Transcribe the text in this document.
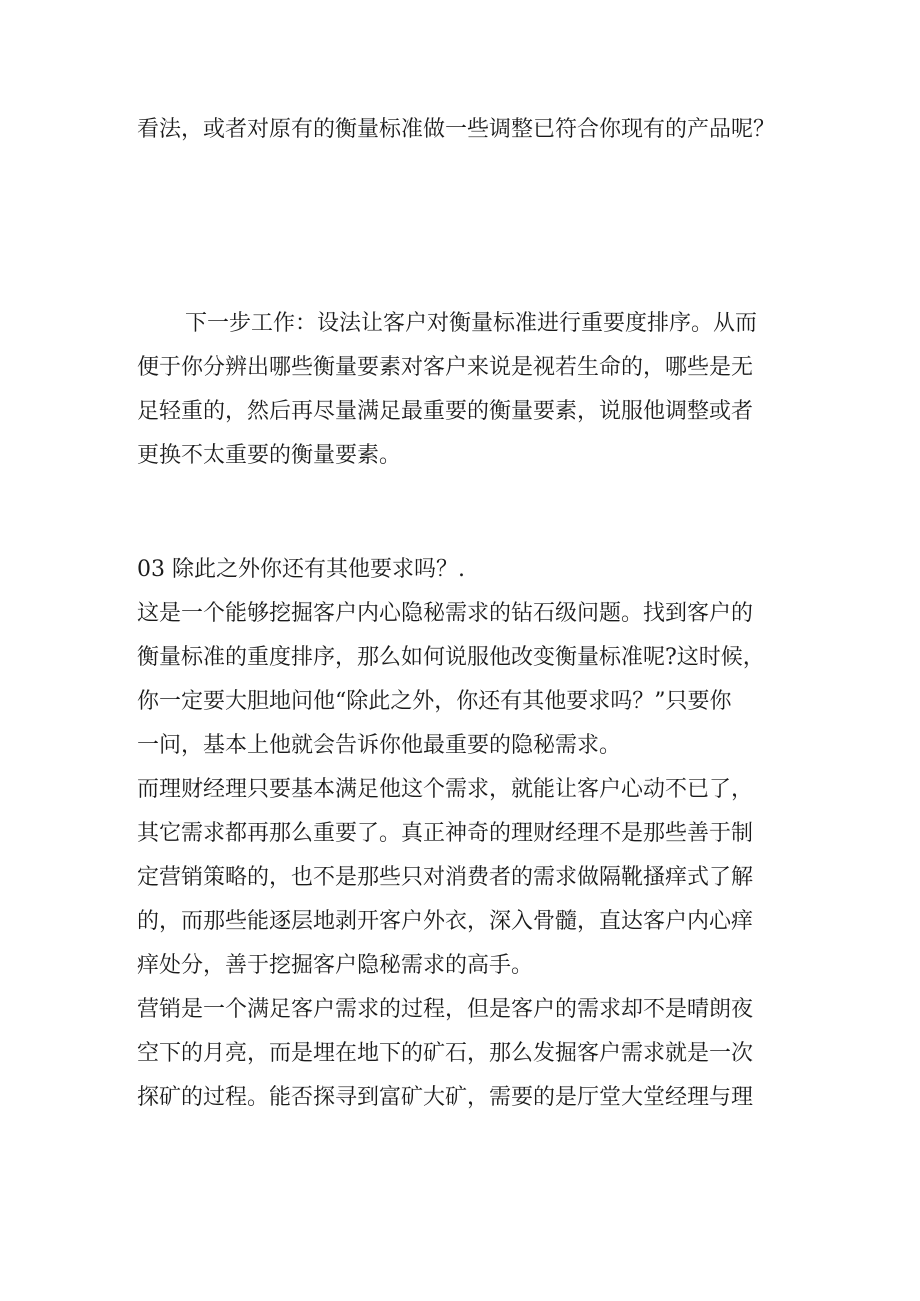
看法，或者对原有的衡量标准做一些调整已符合你现有的产品呢？
下一步工作：设法让客户对衡量标准进行重要度排序。从而
便于你分辨出哪些衡量要素对客户来说是视若生命的，哪些是无
足轻重的，然后再尽量满足最重要的衡量要素，说服他调整或者
更换不太重要的衡量要素。
03 除此之外你还有其他要求吗？.
这是一个能够挖掘客户内心隐秘需求的钻石级问题。找到客户的
衡量标准的重度排序，那么如何说服他改变衡量标准呢?这时候，
你一定要大胆地问他“除此之外，你还有其他要求吗？”只要你
一问，基本上他就会告诉你他最重要的隐秘需求。
而理财经理只要基本满足他这个需求，就能让客户心动不已了，
其它需求都再那么重要了。真正神奇的理财经理不是那些善于制
定营销策略的，也不是那些只对消费者的需求做隔靴搔痒式了解
的，而那些能逐层地剥开客户外衣，深入骨髓，直达客户内心痒
痒处分，善于挖掘客户隐秘需求的高手。
营销是一个满足客户需求的过程，但是客户的需求却不是晴朗夜
空下的月亮，而是埋在地下的矿石，那么发掘客户需求就是一次
探矿的过程。能否探寻到富矿大矿，需要的是厅堂大堂经理与理
